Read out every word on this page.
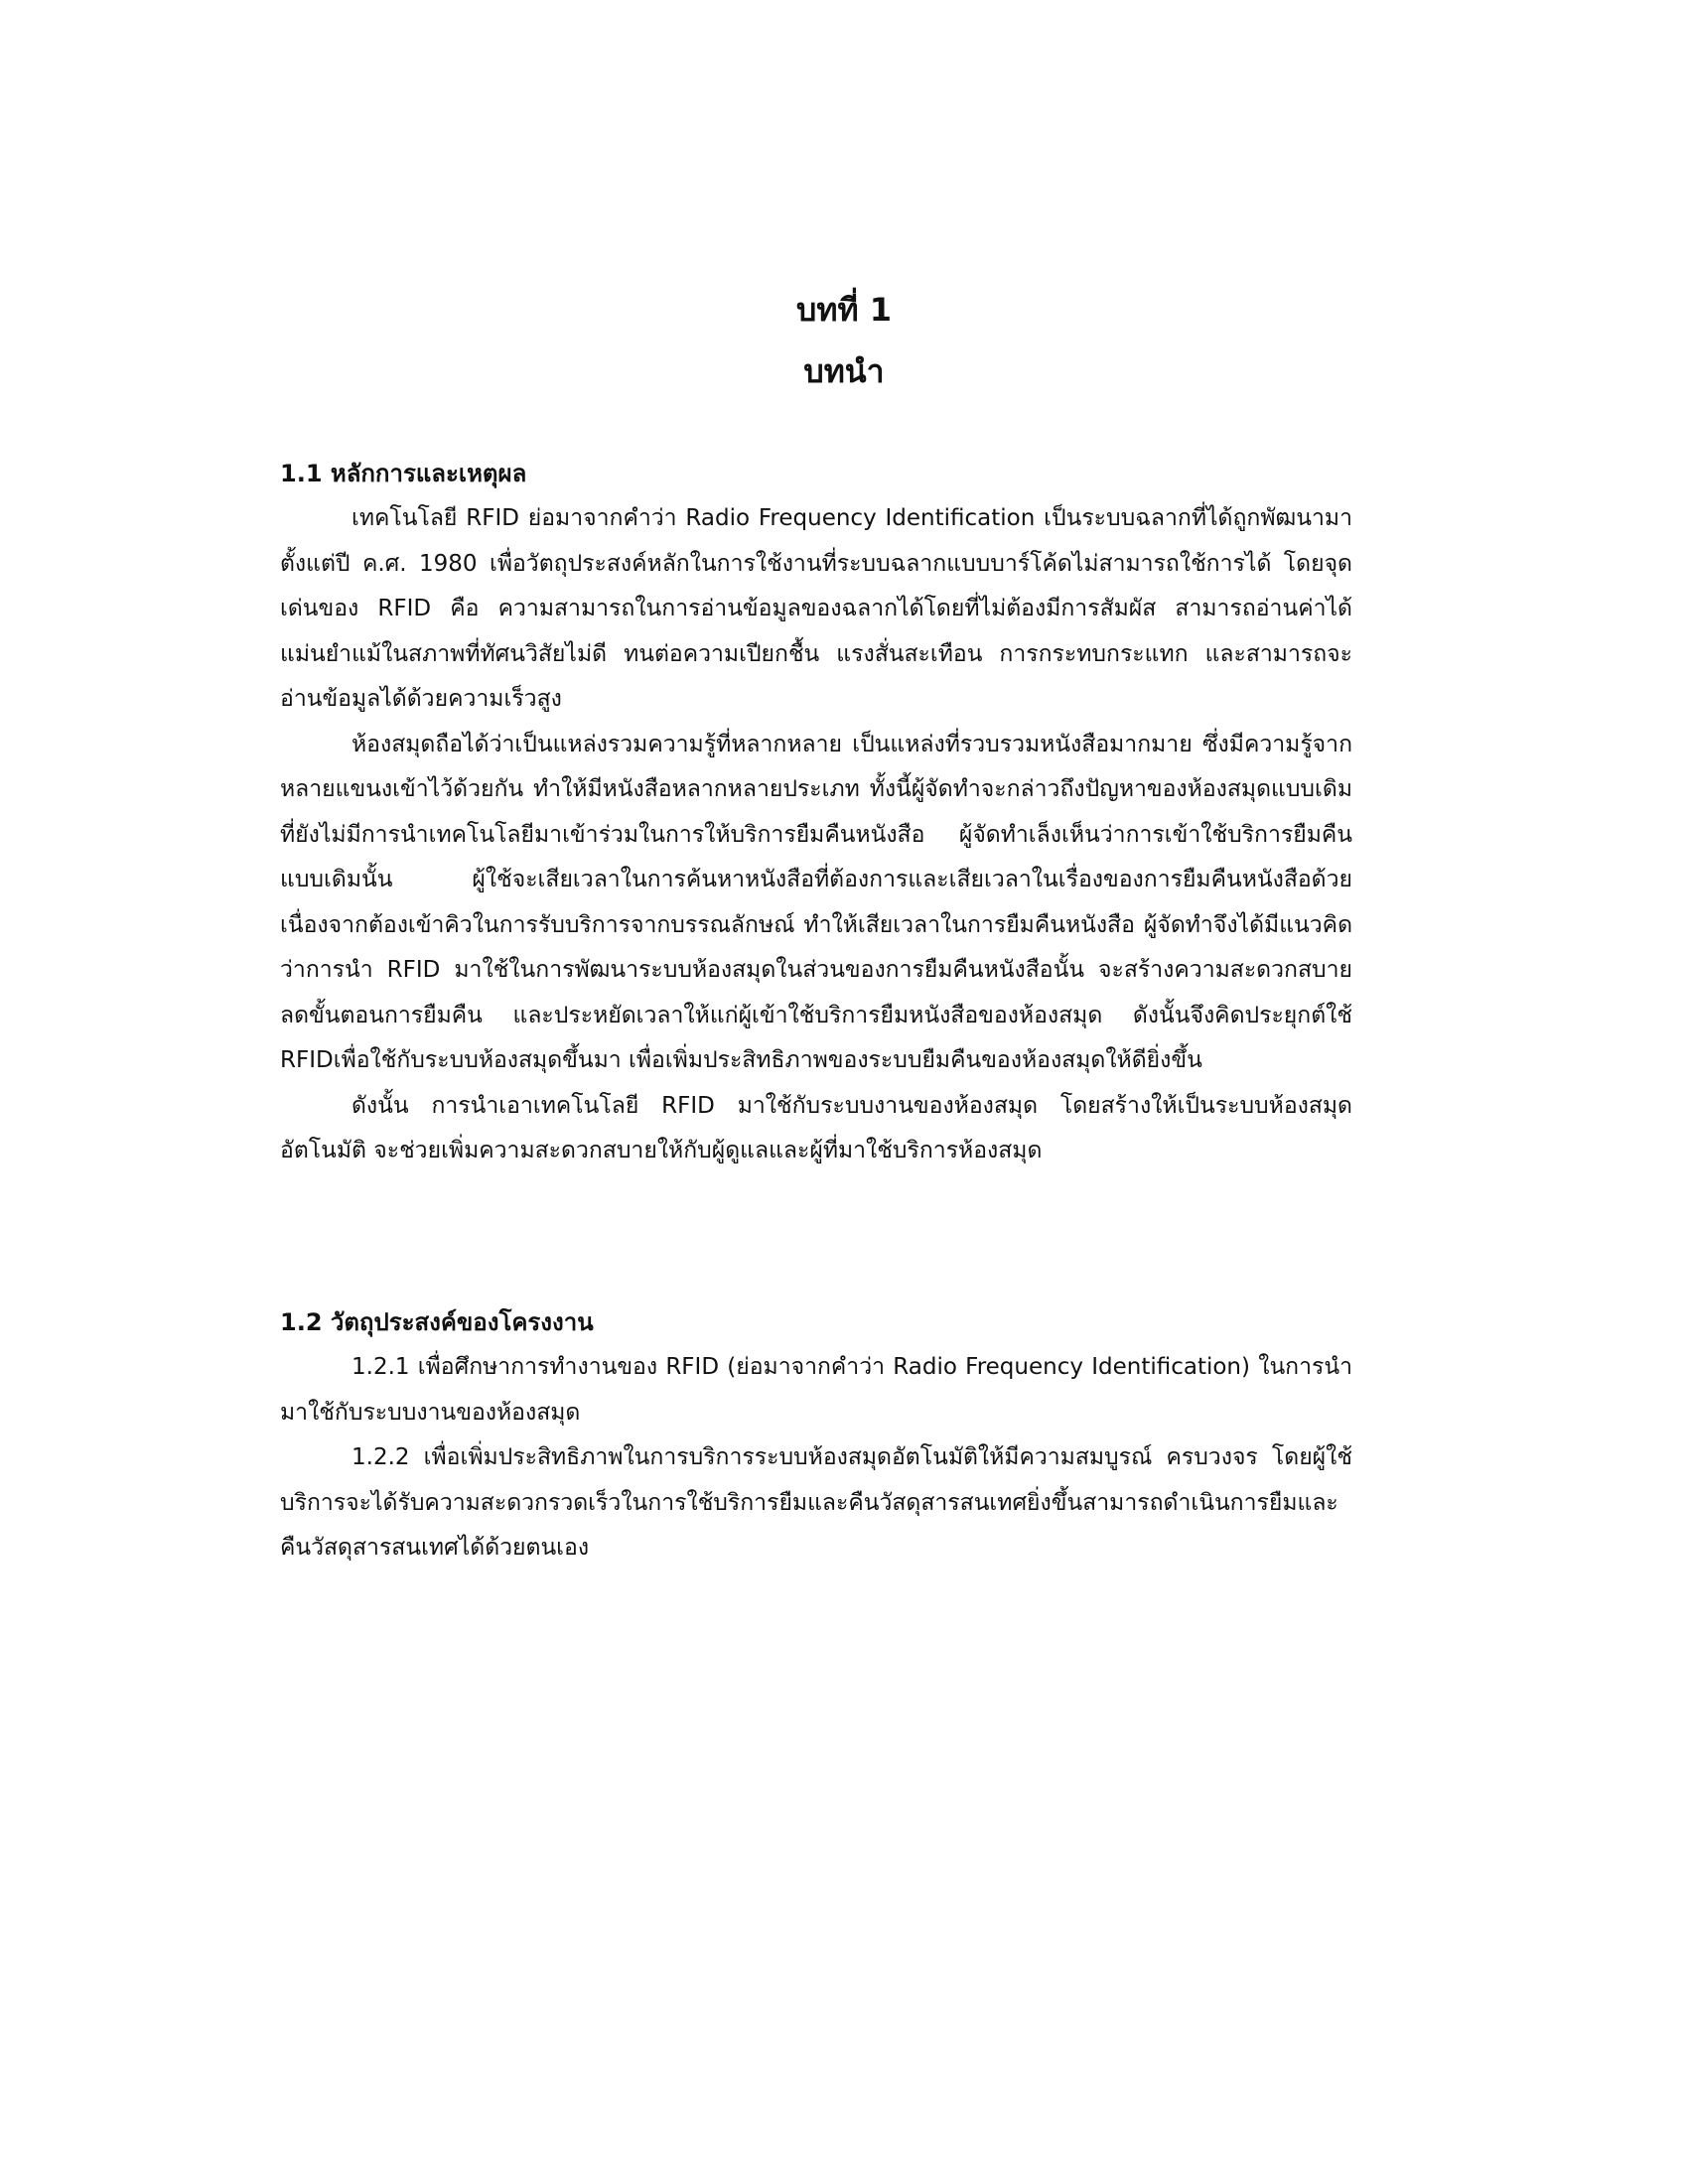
บทที่ 1
บทนำ
1.1 หลักการและเหตุผล

เทคโนโลยี RFID ย่อมาจากคำว่า Radio Frequency Identification เป็นระบบฉลากที่ได้ถูกพัฒนามาตั้งแต่ปี ค.ศ. 1980 เพื่อวัตถุประสงค์หลักในการใช้งานที่ระบบฉลากแบบบาร์โค้ดไม่สามารถใช้การได้ โดยจุดเด่นของ RFID คือ ความสามารถในการอ่านข้อมูลของฉลากได้โดยที่ไม่ต้องมีการสัมผัส สามารถอ่านค่าได้แม่นยำแม้ในสภาพที่ทัศนวิสัยไม่ดี ทนต่อความเปียกชื้น แรงสั่นสะเทือน การกระทบกระแทก และสามารถจะอ่านข้อมูลได้ด้วยความเร็วสูง

ห้องสมุดถือได้ว่าเป็นแหล่งรวมความรู้ที่หลากหลาย เป็นแหล่งที่รวบรวมหนังสือมากมาย ซึ่งมีความรู้จากหลายแขนงเข้าไว้ด้วยกัน ทำให้มีหนังสือหลากหลายประเภท ทั้งนี้ผู้จัดทำจะกล่าวถึงปัญหาของห้องสมุดแบบเดิมที่ยังไม่มีการนำเทคโนโลยีมาเข้าร่วมในการให้บริการยืมคืนหนังสือ ผู้จัดทำเล็งเห็นว่าการเข้าใช้บริการยืมคืนแบบเดิมนั้น ผู้ใช้จะเสียเวลาในการค้นหาหนังสือที่ต้องการและเสียเวลาในเรื่องของการยืมคืนหนังสือด้วย เนื่องจากต้องเข้าคิวในการรับบริการจากบรรณลักษณ์ ทำให้เสียเวลาในการยืมคืนหนังสือ ผู้จัดทำจึงได้มีแนวคิดว่าการนำ RFID มาใช้ในการพัฒนาระบบห้องสมุดในส่วนของการยืมคืนหนังสือนั้น จะสร้างความสะดวกสบาย ลดขั้นตอนการยืมคืน และประหยัดเวลาให้แก่ผู้เข้าใช้บริการยืมหนังสือของห้องสมุด ดังนั้นจึงคิดประยุกต์ใช้ RFIDเพื่อใช้กับระบบห้องสมุดขึ้นมา เพื่อเพิ่มประสิทธิภาพของระบบยืมคืนของห้องสมุดให้ดียิ่งขึ้น

ดังนั้น การนำเอาเทคโนโลยี RFID มาใช้กับระบบงานของห้องสมุด โดยสร้างให้เป็นระบบห้องสมุดอัตโนมัติ จะช่วยเพิ่มความสะดวกสบายให้กับผู้ดูแลและผู้ที่มาใช้บริการห้องสมุด

1.2 วัตถุประสงค์ของโครงงาน

1.2.1 เพื่อศึกษาการทำงานของ RFID (ย่อมาจากคำว่า Radio Frequency Identification) ในการนำมาใช้กับระบบงานของห้องสมุด

1.2.2 เพื่อเพิ่มประสิทธิภาพในการบริการระบบห้องสมุดอัตโนมัติให้มีความสมบูรณ์ ครบวงจร โดยผู้ใช้บริการจะได้รับความสะดวกรวดเร็วในการใช้บริการยืมและคืนวัสดุสารสนเทศยิ่งขึ้นสามารถดำเนินการยืมและคืนวัสดุสารสนเทศได้ด้วยตนเอง
